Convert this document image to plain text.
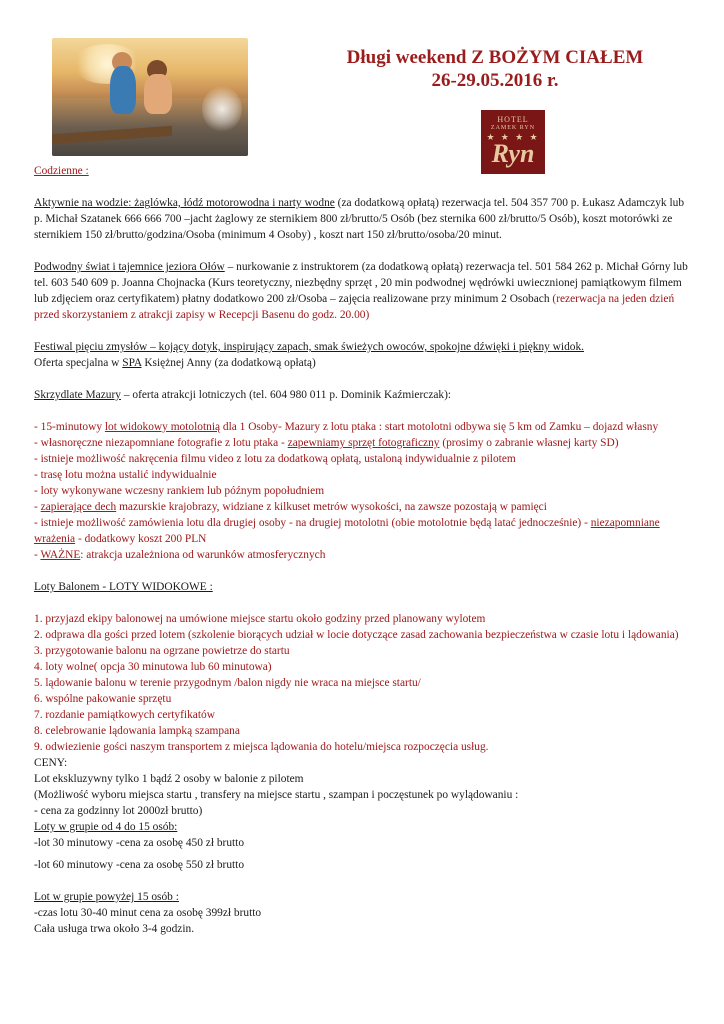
Długi weekend Z BOŻYM CIAŁEM
26-29.05.2016 r.
HOTEL
ZAMEK RYN
★ ★ ★ ★
Ryn

Codzienne :

Aktywnie na wodzie: żaglówka, łódź motorowodna i narty wodne (za dodatkową opłatą) rezerwacja tel. 504 357 700 p. Łukasz Adamczyk lub p. Michał Szatanek 666 666 700 –jacht żaglowy ze sternikiem 800 zł/brutto/5 Osób (bez sternika 600 zł/brutto/5 Osób), koszt motorówki ze sternikiem 150 zł/brutto/godzina/Osoba (minimum 4 Osoby) , koszt nart 150 zł/brutto/osoba/20 minut.

Podwodny świat i tajemnice jeziora Ołów – nurkowanie z instruktorem (za dodatkową opłatą) rezerwacja tel. 501 584 262 p. Michał Górny lub tel. 603 540 609 p. Joanna Chojnacka (Kurs teoretyczny, niezbędny sprzęt , 20 min podwodnej wędrówki uwiecznionej pamiątkowym filmem lub zdjęciem oraz certyfikatem) płatny dodatkowo 200 zł/Osoba – zajęcia realizowane przy minimum 2 Osobach (rezerwacja na jeden dzień przed skorzystaniem z atrakcji zapisy w Recepcji Basenu do godz. 20.00)

Festiwal pięciu zmysłów – kojący dotyk, inspirujący zapach, smak świeżych owoców, spokojne dźwięki i piękny widok.

Oferta specjalna w SPA Księżnej Anny (za dodatkową opłatą)

Skrzydlate Mazury – oferta atrakcji lotniczych (tel. 604 980 011 p. Dominik Kaźmierczak):

- 15-minutowy lot widokowy motolotnią dla 1 Osoby- Mazury z lotu ptaka : start motolotni odbywa się 5 km od Zamku – dojazd własny

- własnoręczne niezapomniane fotografie z lotu ptaka - zapewniamy sprzęt fotograficzny (prosimy o zabranie własnej karty SD)

- istnieje możliwość nakręcenia filmu video z lotu za dodatkową opłatą, ustaloną indywidualnie z pilotem

- trasę lotu można ustalić indywidualnie

- loty wykonywane wczesny rankiem lub późnym popołudniem

- zapierające dech mazurskie krajobrazy, widziane z kilkuset metrów wysokości, na zawsze pozostają w pamięci

- istnieje możliwość zamówienia lotu dla drugiej osoby - na drugiej motolotni (obie motolotnie będą latać jednocześnie) - niezapomniane wrażenia - dodatkowy koszt 200 PLN

- WAŻNE: atrakcja uzależniona od warunków atmosferycznych

Loty Balonem - LOTY WIDOKOWE :

1. przyjazd ekipy balonowej na umówione miejsce startu około godziny przed planowany wylotem

2. odprawa dla gości przed lotem (szkolenie biorących udział w locie dotyczące zasad zachowania bezpieczeństwa w czasie lotu i lądowania)

3. przygotowanie balonu na ogrzane powietrze do startu

4. loty wolne( opcja 30 minutowa lub 60 minutowa)

5. lądowanie balonu w terenie przygodnym /balon nigdy nie wraca na miejsce startu/

6. wspólne pakowanie sprzętu

7. rozdanie pamiątkowych certyfikatów

8. celebrowanie lądowania lampką szampana

9. odwiezienie gości naszym transportem z miejsca lądowania do hotelu/miejsca rozpoczęcia usług.

CENY:

Lot ekskluzywny tylko 1 bądź 2 osoby w balonie z pilotem

(Możliwość wyboru miejsca startu , transfery na miejsce startu , szampan i poczęstunek po wylądowaniu :

- cena za godzinny lot 2000zł brutto)

Loty w grupie od 4 do 15 osób:

-lot 30 minutowy -cena za osobę 450 zł brutto

-lot 60 minutowy -cena za osobę 550 zł brutto

Lot w grupie powyżej 15 osób :

-czas lotu 30-40 minut cena za osobę 399zł brutto

Cała usługa trwa około 3-4 godzin.
